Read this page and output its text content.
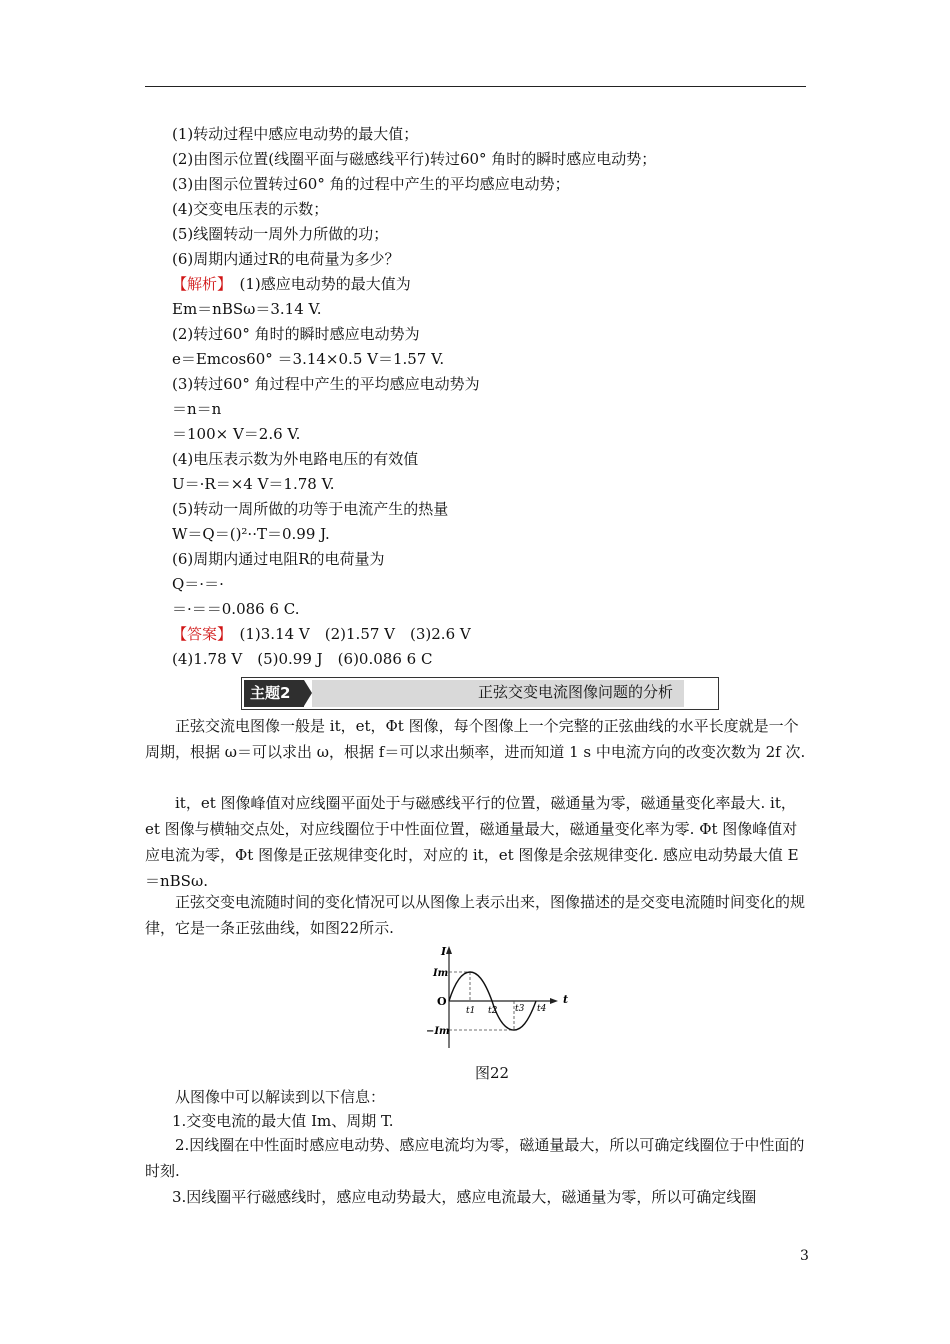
(1)转动过程中感应电动势的最大值；
(2)由图示位置(线圈平面与磁感线平行)转过60° 角时的瞬时感应电动势；
(3)由图示位置转过60° 角的过程中产生的平均感应电动势；
(4)交变电压表的示数；
(5)线圈转动一周外力所做的功；
(6)周期内通过R的电荷量为多少？
【解析】　(1)感应电动势的最大值为
Em＝nBSω＝3.14 V.
(2)转过60° 角时的瞬时感应电动势为
e＝Emcos60° ＝3.14×0.5 V＝1.57 V.
(3)转过60° 角过程中产生的平均感应电动势为
＝n＝n
＝100× V＝2.6 V.
(4)电压表示数为外电路电压的有效值
U＝·R＝×4 V＝1.78 V.
(5)转动一周所做的功等于电流产生的热量
W＝Q＝()²··T＝0.99 J.
(6)周期内通过电阻R的电荷量为
Q＝·＝·
＝·＝＝0.086 6 C.
【答案】　(1)3.14 V　(2)1.57 V　(3)2.6 V
(4)1.78 V　(5)0.99 J　(6)0.086 6 C
主题2	正弦交变电流图像问题的分析
　　正弦交流电图像一般是 it，et，Φt 图像，每个图像上一个完整的正弦曲线的水平长度就是一个周期，根据 ω＝可以求出 ω，根据 f＝可以求出频率，进而知道 1 s 中电流方向的改变次数为 2f 次.
　　it，et 图像峰值对应线圈平面处于与磁感线平行的位置，磁通量为零，磁通量变化率最大. it，et 图像与横轴交点处，对应线圈位于中性面位置，磁通量最大，磁通量变化率为零. Φt 图像峰值对应电流为零，Φt 图像是正弦规律变化时，对应的 it，et 图像是余弦规律变化. 感应电动势最大值 E＝nBSω.
　　正弦交变电流随时间的变化情况可以从图像上表示出来，图像描述的是交变电流随时间变化的规律，它是一条正弦曲线，如图22所示.
I
t
O
Im
−Im
t1 t2 t3 t4
图22
　　从图像中可以解读到以下信息：
1.交变电流的最大值 Im、周期 T.
　　2.因线圈在中性面时感应电动势、感应电流均为零，磁通量最大，所以可确定线圈位于中性面的时刻.
3.因线圈平行磁感线时，感应电动势最大，感应电流最大，磁通量为零，所以可确定线圈
3
